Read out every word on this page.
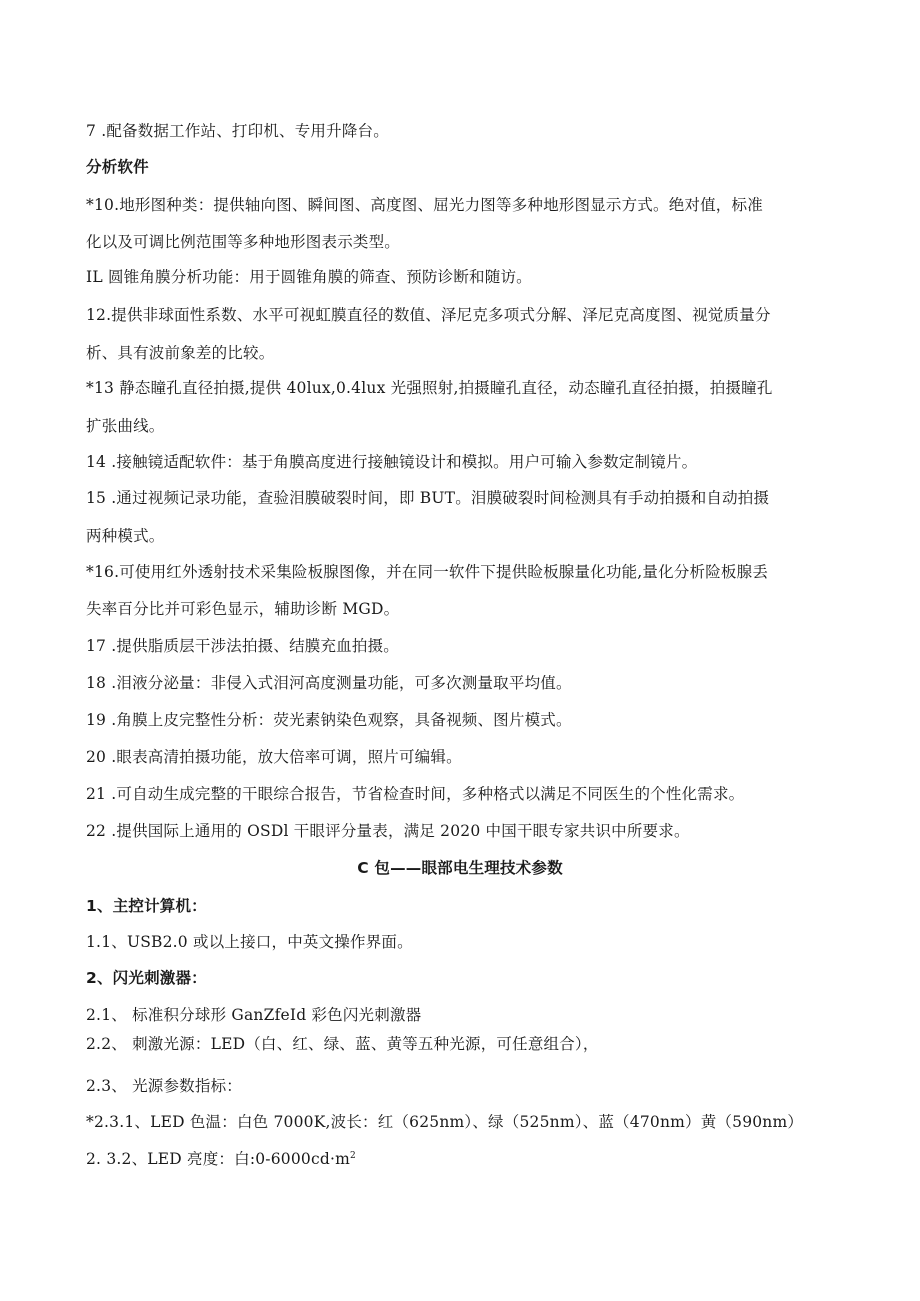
7 .配备数据工作站、打印机、专用升降台。
分析软件
*10.地形图种类：提供轴向图、瞬间图、高度图、屈光力图等多种地形图显示方式。绝对值，标准
化以及可调比例范围等多种地形图表示类型。
IL 圆锥角膜分析功能：用于圆锥角膜的筛查、预防诊断和随访。
12.提供非球面性系数、水平可视虹膜直径的数值、泽尼克多项式分解、泽尼克高度图、视觉质量分
析、具有波前象差的比较。
*13 静态瞳孔直径拍摄,提供 40lux,0.4lux 光强照射,拍摄瞳孔直径，动态瞳孔直径拍摄，拍摄瞳孔
扩张曲线。
14 .接触镜适配软件：基于角膜高度进行接触镜设计和模拟。用户可输入参数定制镜片。
15 .通过视频记录功能，查验泪膜破裂时间，即 BUT。泪膜破裂时间检测具有手动拍摄和自动拍摄
两种模式。
*16.可使用红外透射技术采集险板腺图像，并在同一软件下提供睑板腺量化功能,量化分析险板腺丢
失率百分比并可彩色显示，辅助诊断 MGD。
17 .提供脂质层干涉法拍摄、结膜充血拍摄。
18 .泪液分泌量：非侵入式泪河高度测量功能，可多次测量取平均值。
19 .角膜上皮完整性分析：荧光素钠染色观察，具备视频、图片模式。
20 .眼表高清拍摄功能，放大倍率可调，照片可编辑。
21 .可自动生成完整的干眼综合报告，节省检查时间，多种格式以满足不同医生的个性化需求。
22 .提供国际上通用的 OSDl 干眼评分量表，满足 2020 中国干眼专家共识中所要求。
C 包——眼部电生理技术参数
1、主控计算机：
1.1、USB2.0 或以上接口，中英文操作界面。
2、闪光刺激器：
2.1、 标准积分球形 GanZfeId 彩色闪光刺激器
2.2、 刺激光源：LED（白、红、绿、蓝、黄等五种光源，可任意组合），
2.3、 光源参数指标：
*2.3.1、LED 色温：白色 7000K,波长：红（625nm）、绿（525nm）、蓝（470nm）黄（590nm）
2. 3.2、LED 亮度：白$:0-6000cd\cdot m^2$
